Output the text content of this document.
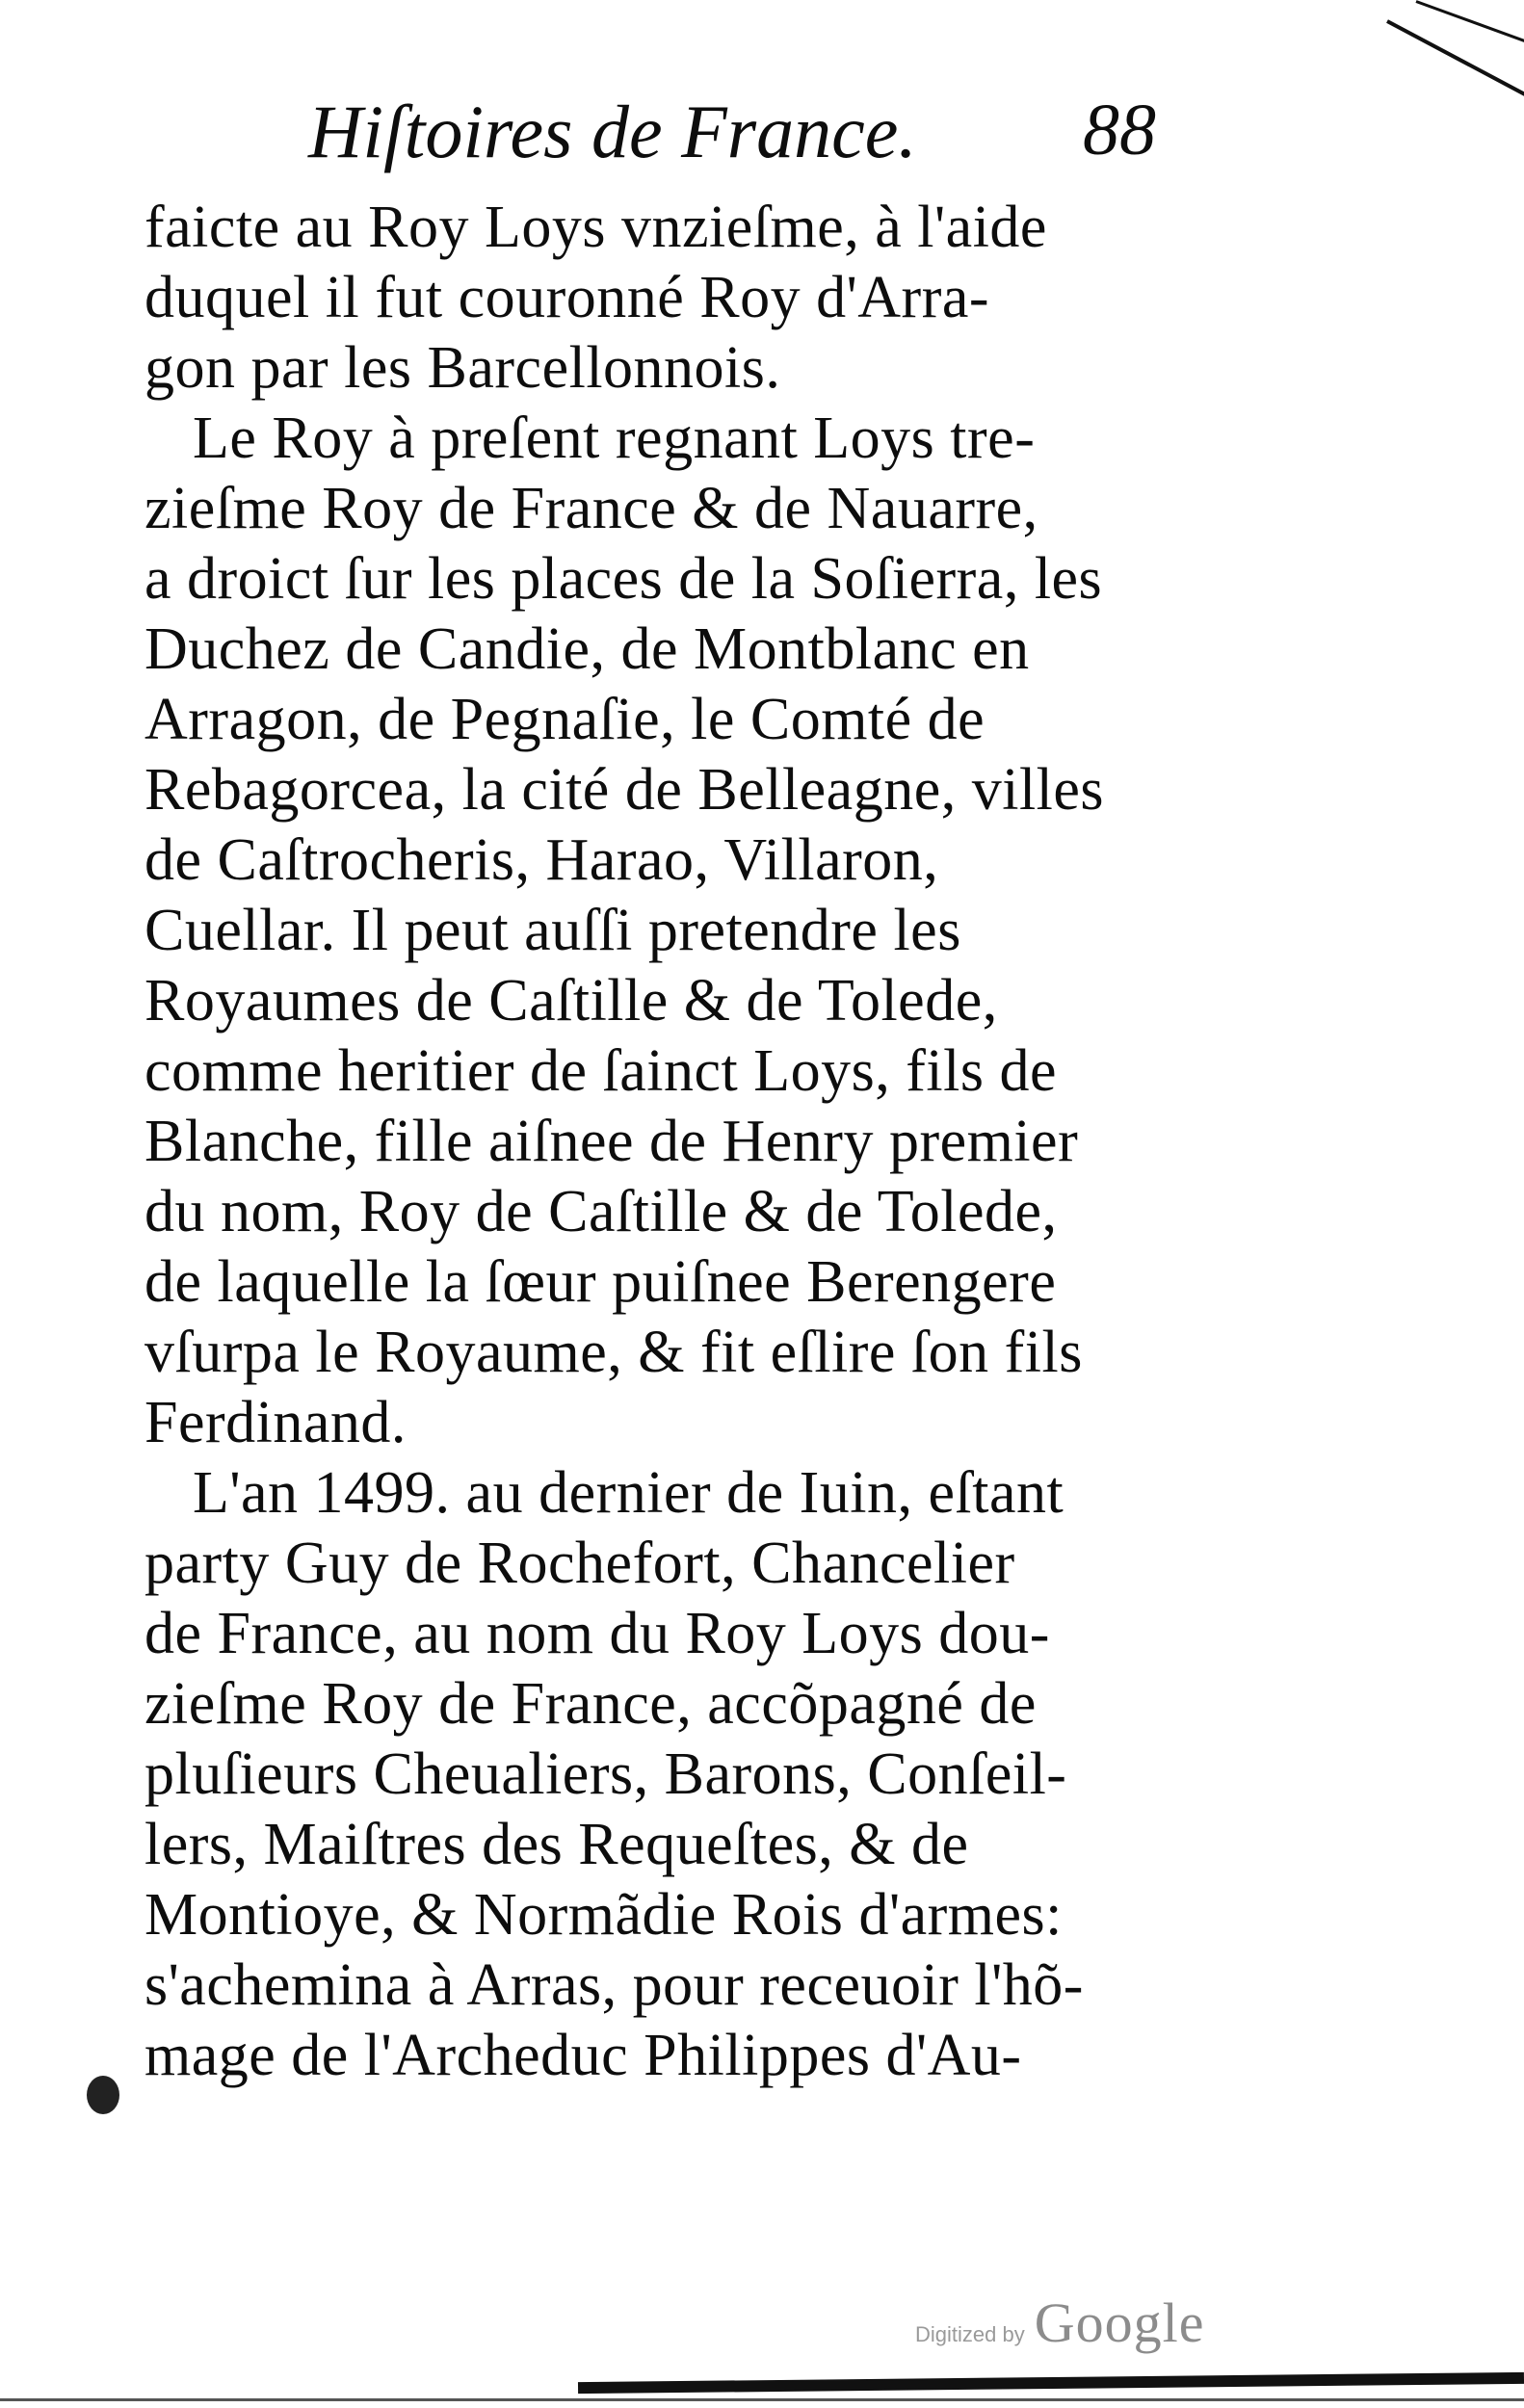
Hiſtoires de France. 88
faicte au Roy Loys vnzieſme, à l'aide
duquel il fut couronné Roy d'Arra-
gon par les Barcellonnois.
Le Roy à preſent regnant Loys tre-
zieſme Roy de France & de Nauarre,
a droict ſur les places de la Soſierra, les
Duchez de Candie, de Montblanc en
Arragon, de Pegnaſie, le Comté de
Rebagorcea, la cité de Belleagne, villes
de Caſtrocheris, Harao, Villaron,
Cuellar. Il peut auſſi pretendre les
Royaumes de Caſtille & de Tolede,
comme heritier de ſainct Loys, fils de
Blanche, fille aiſnee de Henry premier
du nom, Roy de Caſtille & de Tolede,
de laquelle la ſœur puiſnee Berengere
vſurpa le Royaume, & fit eſlire ſon fils
Ferdinand.
L'an 1499. au dernier de Iuin, eſtant
party Guy de Rochefort, Chancelier
de France, au nom du Roy Loys dou-
zieſme Roy de France, accõpagné de
pluſieurs Cheualiers, Barons, Conſeil-
lers, Maiſtres des Requeſtes, & de
Montioye, & Normãdie Rois d'armes:
s'achemina à Arras, pour receuoir l'hõ-
mage de l'Archeduc Philippes d'Au-
Digitized by Google
